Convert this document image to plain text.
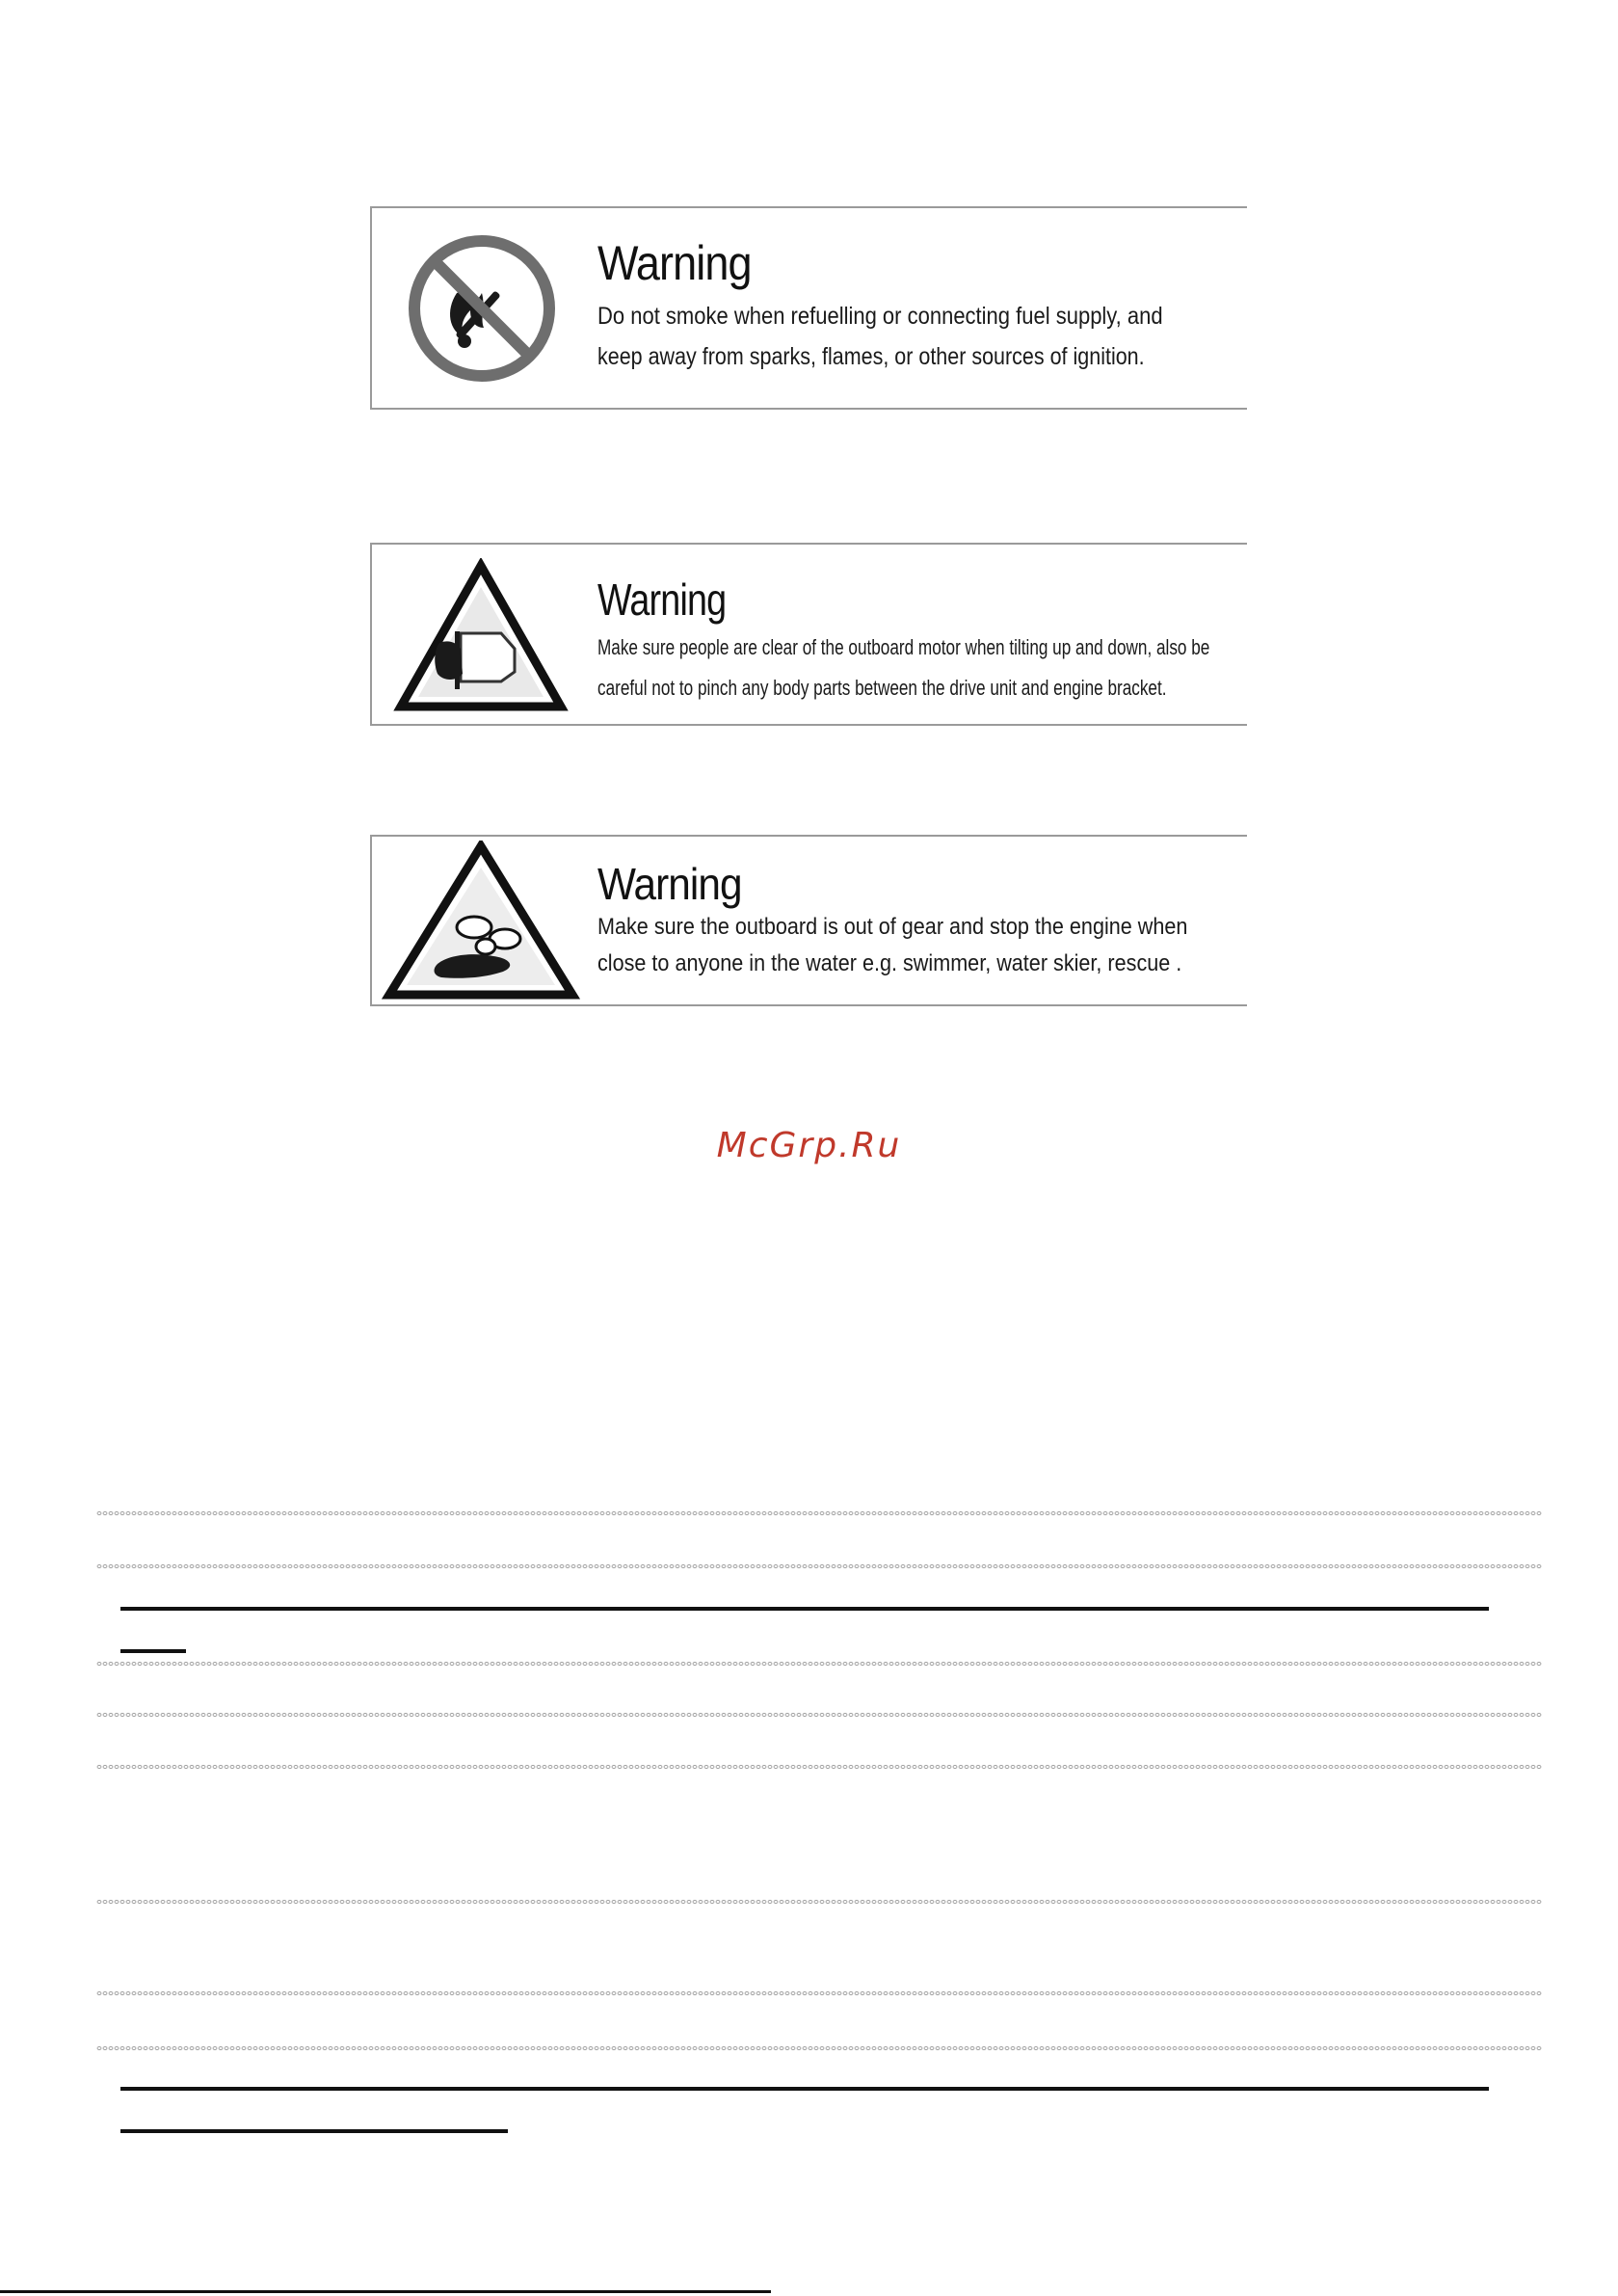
Warning
Do not smoke when refuelling or connecting fuel supply, and
keep away from sparks, flames, or other sources of ignition.
Warning
Make sure people are clear of the outboard motor when tilting up and down, also be
careful not to pinch any body parts between the drive unit and engine bracket.
Warning
Make sure the outboard is out of gear and stop the engine when
close to anyone in the water e.g. swimmer, water skier, rescue .
McGrp.Ru
